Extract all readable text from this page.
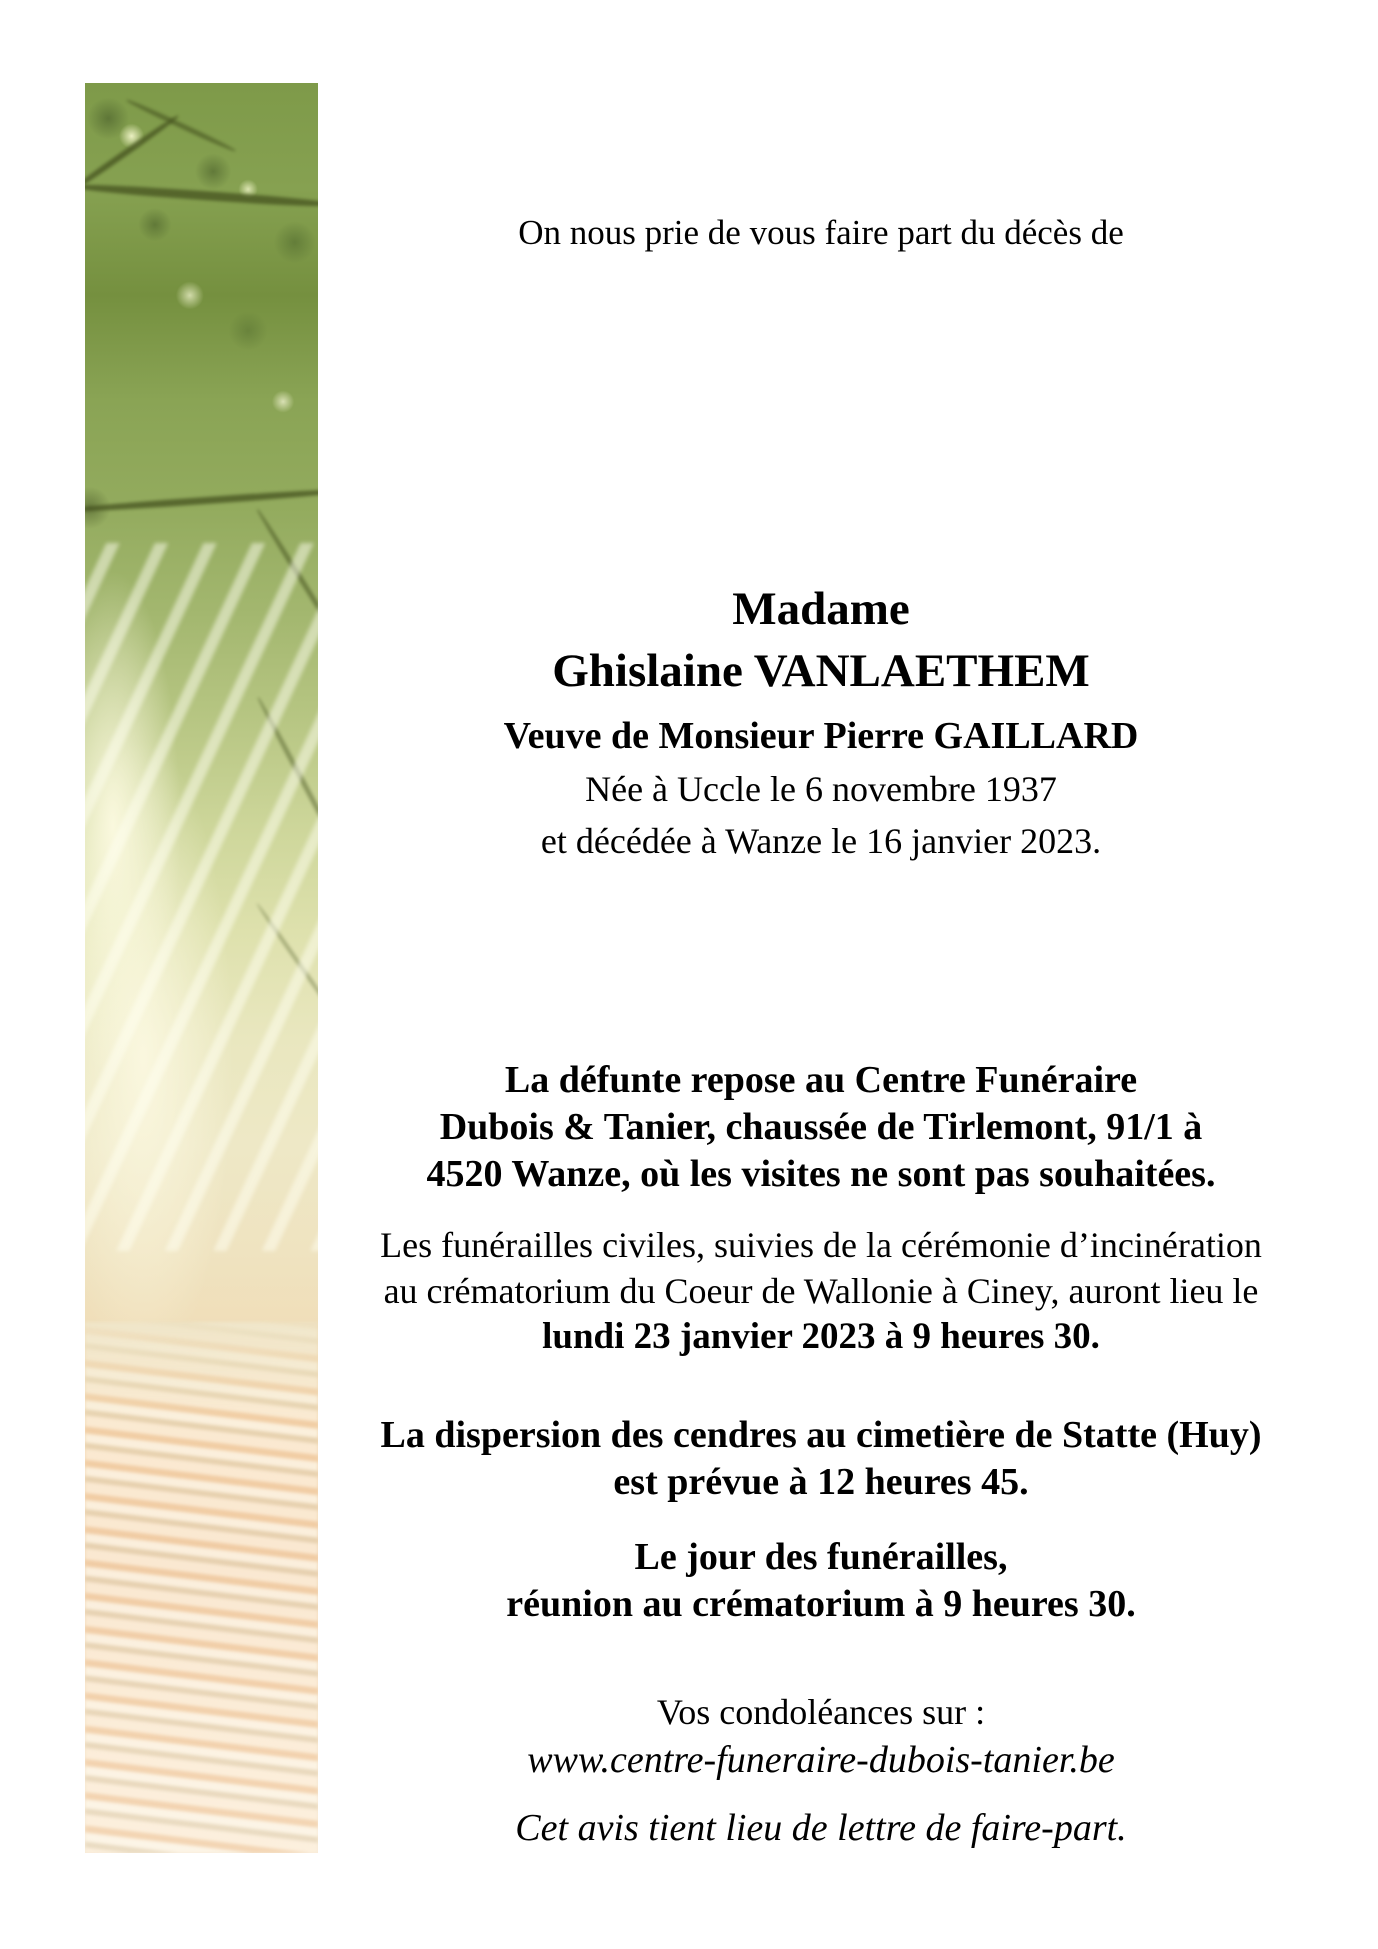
On nous prie de vous faire part du décès de

Madame

Ghislaine VANLAETHEM

Veuve de Monsieur Pierre GAILLARD

Née à Uccle le 6 novembre 1937

et décédée à Wanze le 16 janvier 2023.

La défunte repose au Centre Funéraire
Dubois & Tanier, chaussée de Tirlemont, 91/1 à
4520 Wanze, où les visites ne sont pas souhaitées.
Les funérailles civiles, suivies de la cérémonie d’incinération
au crématorium du Coeur de Wallonie à Ciney, auront lieu le
lundi 23 janvier 2023 à 9 heures 30.
La dispersion des cendres au cimetière de Statte (Huy)
est prévue à 12 heures 45.
Le jour des funérailles,
réunion au crématorium à 9 heures 30.

Vos condoléances sur :

www.centre-funeraire-dubois-tanier.be

Cet avis tient lieu de lettre de faire-part.
